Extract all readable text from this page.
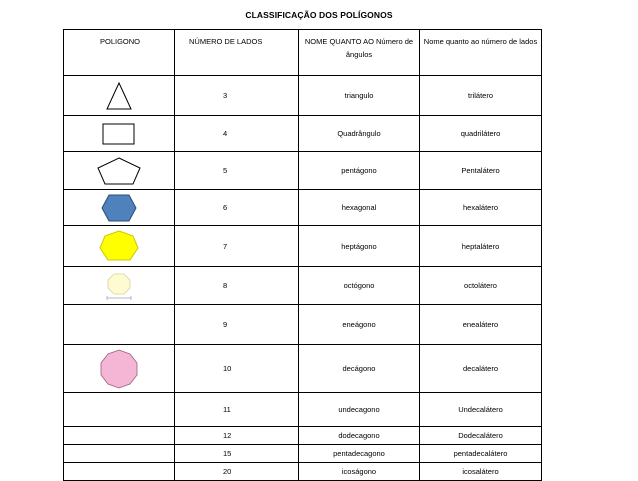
CLASSIFICAÇÃO DOS POLÍGONOS
POLIGONO	NÚMERO DE LADOS	NOME QUANTO AO Número de ângulos	Nome quanto ao número de lados

	3	triangulo	trilátero

	4	Quadrângulo	quadrilátero

	5	pentágono	Pentalátero

	6	hexagonal	hexalátero

	7	heptágono	heptalátero

	8	octógono	octolátero
	9	eneágono	enealátero

	10	decágono	decalátero
	11	undecagono	Undecalátero
	12	dodecagono	Dodecalátero
	15	pentadecagono	pentadecalátero
	20	icoságono	icosalátero
